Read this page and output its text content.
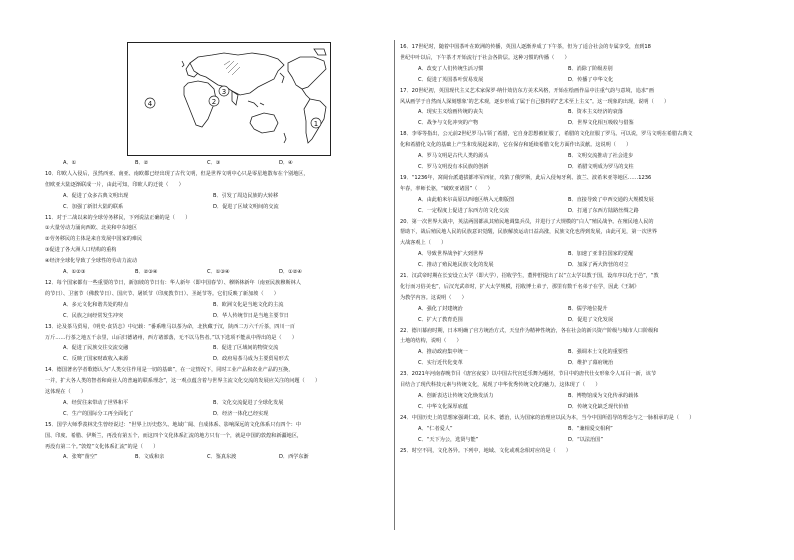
3
1
2
4
A．①	B．②	C．③	D．④
10．印欧人入侵后，虽然西亚、南亚、南欧都已经出现了古代文明，但是世界文明中心只是零星地散布在个别地区，
但欧亚大陆逐渐联成一片，由此可知，印欧人的迁徙（　　）
A．促进了众多古典文明出现	B．引发了周边民族的大转移
C．加强了新旧大陆的联系	D．促进了区域文明间的交流
11．对于二战以来的全球劳务移民，下列说法正确的是（　　）
①大量劳动力涌向西欧、北美和中东地区
②劳务移民的主体是来自发展中国家的难民
③促进了各大洲人口结构的重构
④经济全球化导致了全球性的劳动力流动
A．①②③	B．②③④	C．①③④	D．①②④
12．每个国家都有一些重要的节日，新加坡的节日有：华人新年（即中国春节）、穆斯林新年（南亚民族穆斯林人
的节日）、卫塞节（佛教节日）、国庆节、屠妖节（印度教节日）、圣诞节等。它们反映了新加坡（　　）
A．多元文化和谐共处的特点	B．欧洲文化是当地文化的主流
C．民族之间经常发生冲突	D．华人传统节日是当地主要节日
13．论及茶马贸易，《明史·食货志》中记载：“番系唯马以茶为命，北狄藏于汉，陕西二万六千斤茶，四川一百
万斤……行茶之地五千余里，山后归德诸州，西方诸部落，无不以马售者。”以下选项不能从中得出的是（　　）
A．促进了民族交往交流交融	B．促进了区域间的物资交流
C．反映了国家财政收入来源	D．政府易茶马成为主要贸易形式
14．德国著名学者歌德认为“人类交往作用是一切的基础”，在一定情况下，同时工业产品和农业产品的互换，
一并，扩大各人类的智者和商业人的普遍的联系理念”，这一观点蕴含着与世界主流文化交流的发展应关注的问题（　　）
这体现在（　　）
A．经贸往来带动了世界和平	B．文化交流促进了全球化发展
C．生产的国际分工再全面化了	D．经济一体化已经实现
15．国学大师季羡林先生曾经说过：“世界上历史悠久、地域广阔、自成体系、影响深远的文化体系只有四个：中
国、印度、希腊、伊斯兰，再没有第五个，而这四个文化体系汇流的地方只有一个，就是中国的敦煌和新疆地区，
再没有第二个。”敦煌“文化体系汇流”的是（　　）
A．张骞“凿空”	B．文成和亲	C．鉴真东渡	D．西学东渐
16．17世纪时，随着中国茶叶在欧洲的传播，英国人逐渐养成了下午茶，但为了适合社会的专属享受，直到18
世纪中叶以后，下午茶才开始流行于社会各阶层。这种习惯的传播（　　）
A．改变了人们传统生活习惯	B．消除了阶级差别
C．促进了英国茶叶贸易发展	D．传播了中华文化
17．20世纪初，英国现代主义艺术家保罗·纳什效仿东方美术风格，开始在绘画作品中注重气韵与意境，追求“画
风从画学于自然而人深刻想象’的艺术观，逐步形成了属于自己独特的“艺术至上主义”。这一现象的出现，说明（　　）
A．现实主义绘画传统的丧失	B．资本主义经济的衰落
C．战争与文化冲突的产物	D．世界文化相互吸收与借鉴
18．李零等指出，公元前2世纪罗马占领了希腊，它自身思想被征服了，希腊的文化征服了罗马。可以说，罗马文明在希腊古典文
化和希腊化文化的基础上产生和发展起来的，它在保存和延续希腊文化方面作出贡献。这说明（　　）
A．罗马文明是古代人类的源头	B．文明交流推动了社会进步
C．罗马文明没有本民族的创新	D．希腊文明成为罗马的支柱
19．“1236年，窝阔台派遣拔都率军西征，攻陷了俄罗斯，此后入侵匈牙利、波兰、波希米亚等地区……1236
年春，率师长驱，“破欧亚诸国”（　　）
A．由此帕米尔高原以西地区纳入元朝版图	B．直接导致了中西交通的大规模发展
C．一定程度上促进了东西方的文化交流	D．打通了东西方陆路丝绸之路
20．第一次世界大战中，英法两国都从其殖民地调集兵员，并进行了大规模的“白人”殖民战争。在殖民地人民的
帮助下，战后殖民地人民的民族意识觉醒，民族解放运动日益高涨，民族文化也得到发展，由此可见，第一次世界
大战客观上（　　）
A．导致世界战争扩大到世界	B．加速了亚非拉国家的觉醒
C．推动了殖民地民族文化的发展	D．加深了两大阵营的对立
21．汉武帝时期在长安设立太学（即大学），招收学生，董仲舒提出了以“立太学以教于国，设庠序以化于邑”，“教
化行而习俗美也”，后汉光武帝时，扩大太学规模，招收博士弟子，那里有数千名弟子在学，因此《王制》
为教学内容。这说明（　　）
A．强化了封建统治	B．儒学地位提升
C．扩大了教育范围	D．促进了文化发展
22．德川幕府时期，日本明确了官方统治方式，天皇作为精神性统治，各在社会的新兴资产阶级与城市人口阶级和
土地的结构，说明（　　）
A．推动政府集中统一	B．强调本土文化的重要性
C．实行近代化变革	D．维护了幕府统治
23．2021年河南春晚节目《唐宫夜宴》以中国古代宫廷乐舞为题材，节目中的唐代仕女形象令人耳目一新，该节
目结合了现代科技元素与传统文化，展现了中华优秀传统文化的魅力，这体现了（　　）
A．创新表达让传统文化焕发活力	B．博物馆成为文化传承的载体
C．中华文化深厚底蕴	D．传统文化缺乏现代价值
24．中国历史上的思想家强调仁政、民本、德治，认为国家的治理应以民为本，当今中国所倡导的理念与之一脉相承的是（　　）
A．“仁者爱人”	B．“兼相爱交相利”
C．“天下为公，选贤与能”	D．“以法治国”
25．时空不同，文化各异。下列中，地域、文化或观念相对应的是（　　）
